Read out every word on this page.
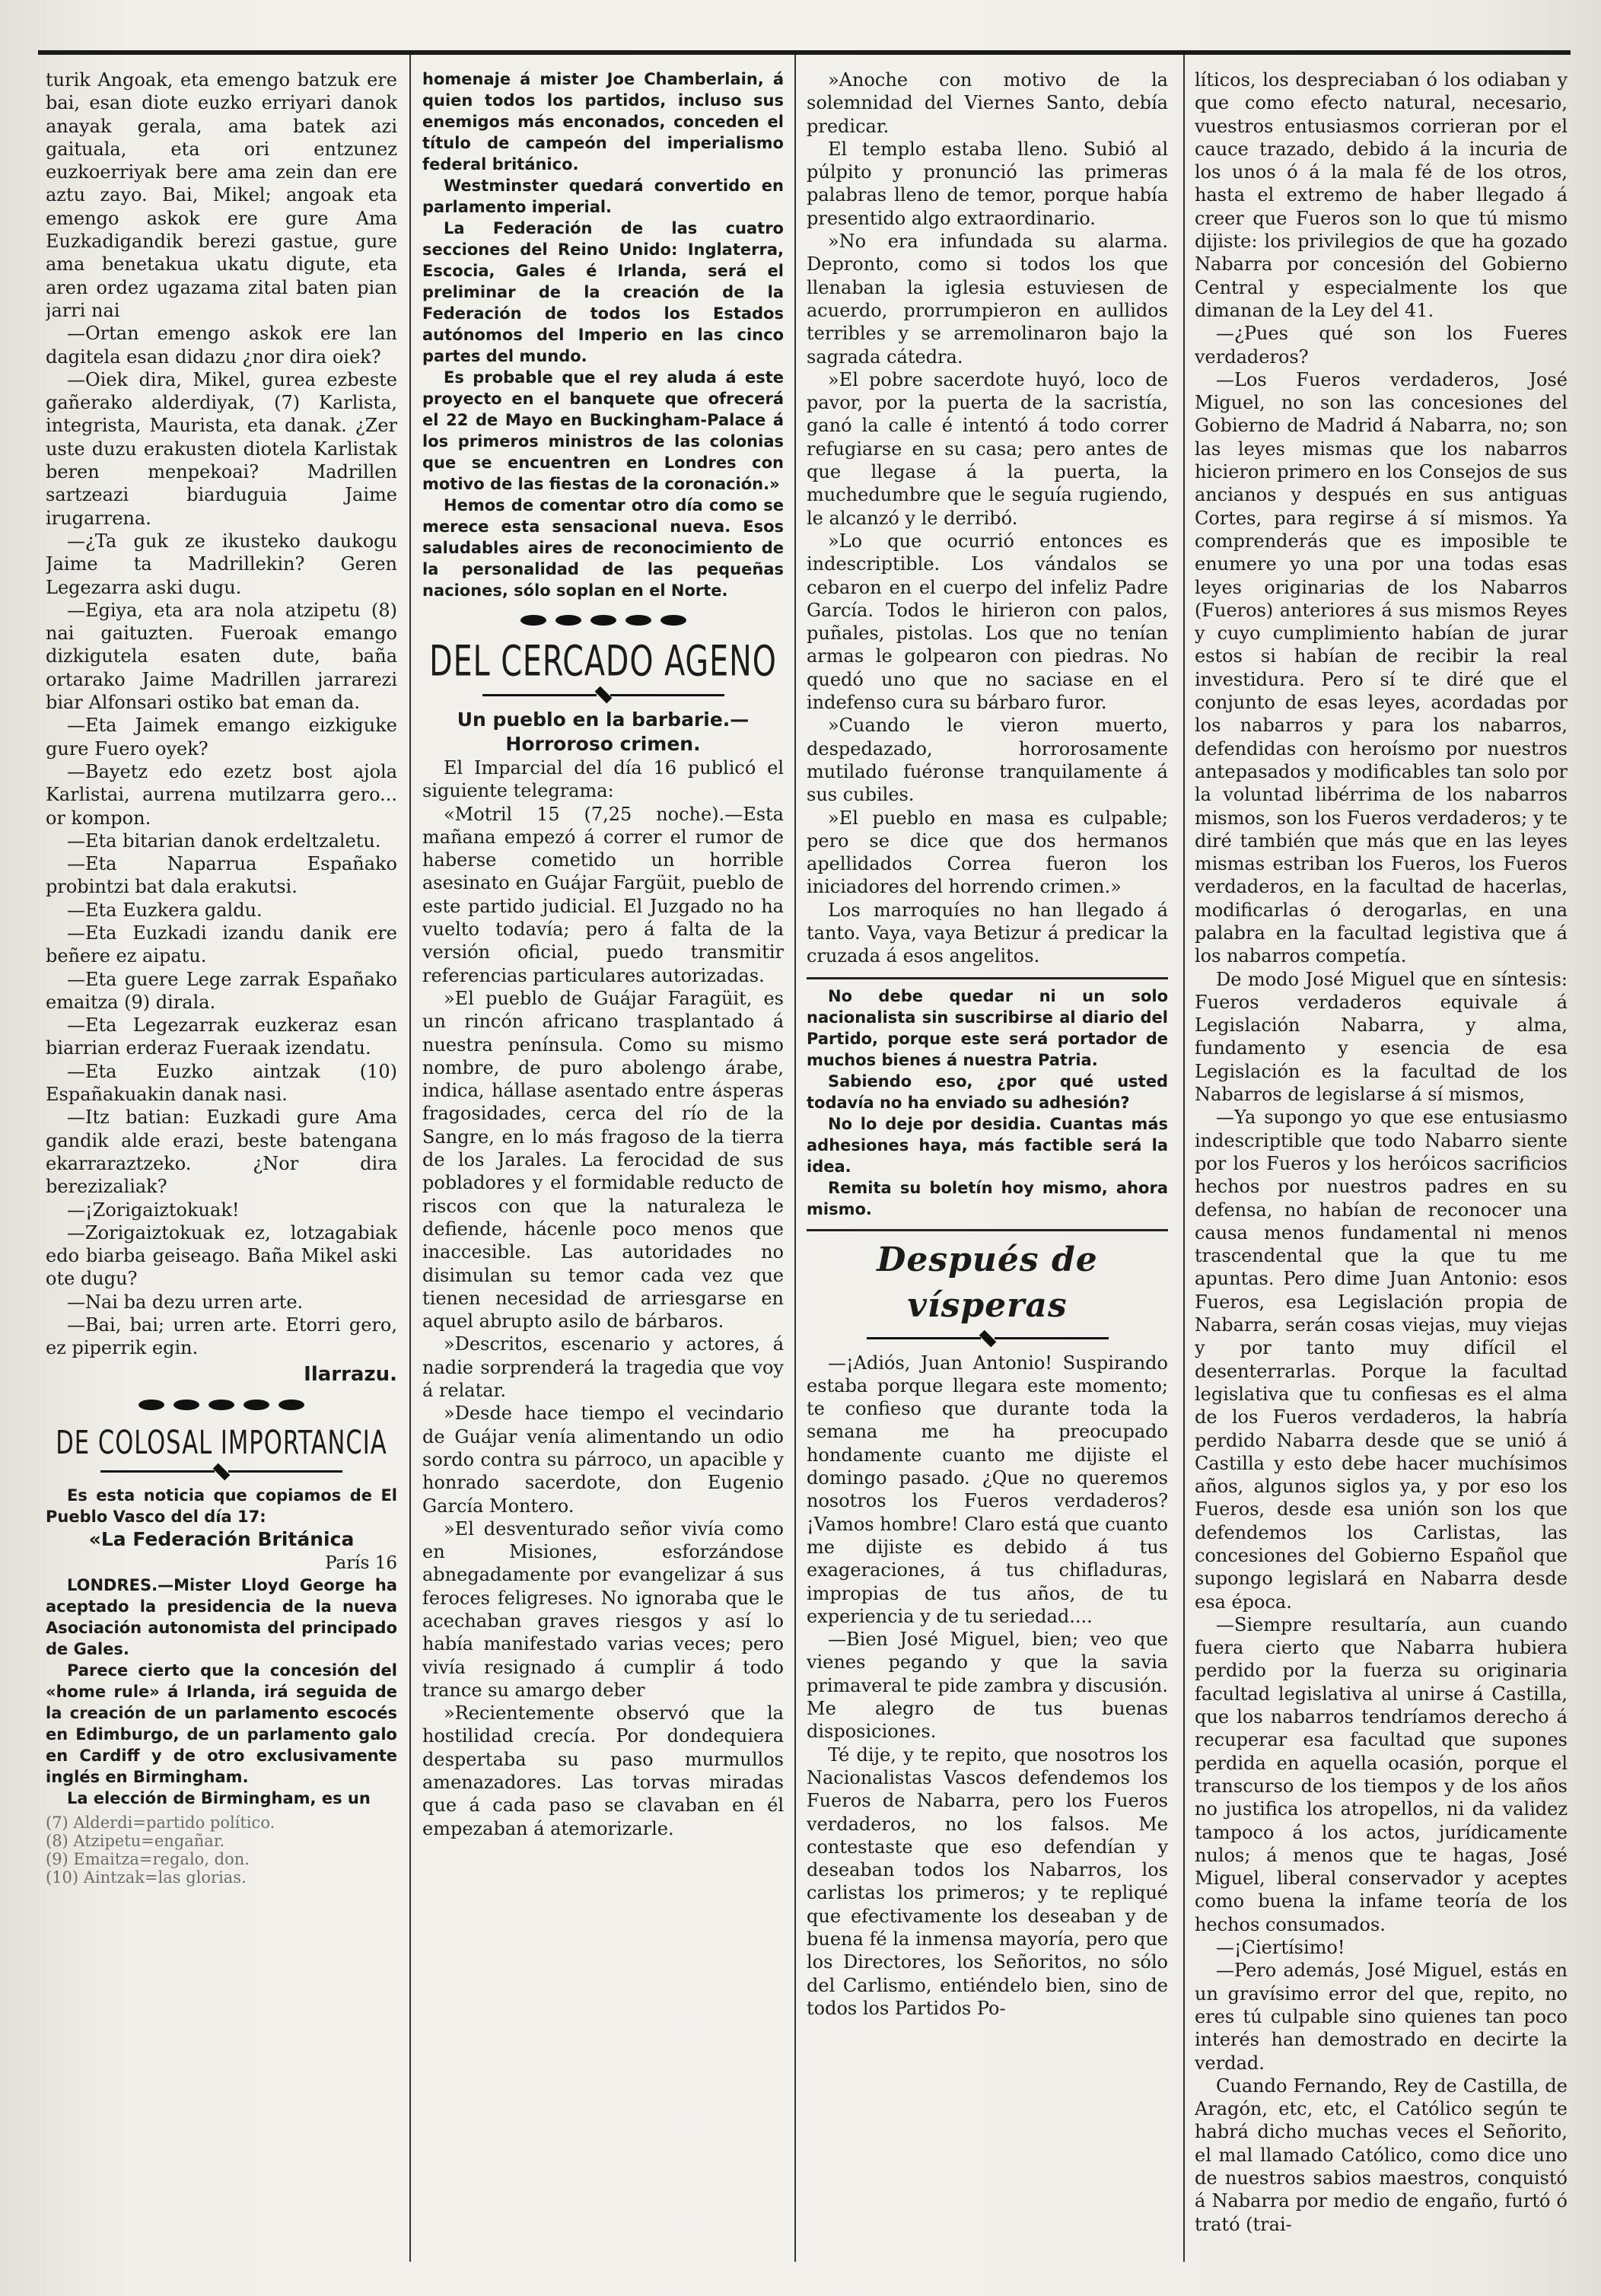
turik Angoak, eta emengo batzuk ere bai, esan diote euzko erriyari danok anayak gerala, ama batek azi gaituala, eta ori entzunez euzkoerriyak bere ama zein dan ere aztu zayo. Bai, Mikel; angoak eta emengo askok ere gure Ama Euzkadigandik berezi gastue, gure ama benetakua ukatu digute, eta aren ordez ugazama zital baten pian jarri nai

—Ortan emengo askok ere lan dagitela esan didazu ¿nor dira oiek?

—Oiek dira, Mikel, gurea ezbeste gañerako alderdiyak, (7) Karlista, integrista, Maurista, eta danak. ¿Zer uste duzu erakusten diotela Karlistak beren menpekoai? Madrillen sartzeazi biarduguia Jaime irugarrena.

—¿Ta guk ze ikusteko daukogu Jaime ta Madrillekin? Geren Legezarra aski dugu.

—Egiya, eta ara nola atzipetu (8) nai gaituzten. Fueroak emango dizkigutela esaten dute, baña ortarako Jaime Madrillen jarrarezi biar Alfonsari ostiko bat eman da.

—Eta Jaimek emango eizkiguke gure Fuero oyek?

—Bayetz edo ezetz bost ajola Karlistai, aurrena mutilzarra gero... or kompon.

—Eta bitarian danok erdeltzaletu.

—Eta Naparrua Españako probintzi bat dala erakutsi.

—Eta Euzkera galdu.

—Eta Euzkadi izandu danik ere beñere ez aipatu.

—Eta guere Lege zarrak Españako emaitza (9) dirala.

—Eta Legezarrak euzkeraz esan biarrian erderaz Fueraak izendatu.

—Eta Euzko aintzak (10) Españakuakin danak nasi.

—Itz batian: Euzkadi gure Ama gandik alde erazi, beste batengana ekarraraztzeko. ¿Nor dira berezizaliak?

—¡Zorigaiztokuak!

—Zorigaiztokuak ez, lotzagabiak edo biarba geiseago. Baña Mikel aski ote dugu?

—Nai ba dezu urren arte.

—Bai, bai; urren arte. Etorri gero, ez piperrik egin.

Ilarrazu.
DE COLOSAL IMPORTANCIA

Es esta noticia que copiamos de El Pueblo Vasco del día 17:

«La Federación Británica
París 16

LONDRES.—Mister Lloyd George ha aceptado la presidencia de la nueva Asociación autonomista del principado de Gales.

Parece cierto que la concesión del «home rule» á Irlanda, irá seguida de la creación de un parlamento escocés en Edimburgo, de un parlamento galo en Cardiff y de otro exclusivamente inglés en Birmingham.

La elección de Birmingham, es un

(7) Alderdi=partido político.

(8) Atzipetu=engañar.

(9) Emaitza=regalo, don.

(10) Aintzak=las glorias.

homenaje á mister Joe Chamberlain, á quien todos los partidos, incluso sus enemigos más enconados, conceden el título de campeón del imperialismo federal británico.

Westminster quedará convertido en parlamento imperial.

La Federación de las cuatro secciones del Reino Unido: Inglaterra, Escocia, Gales é Irlanda, será el preliminar de la creación de la Federación de todos los Estados autónomos del Imperio en las cinco partes del mundo.

Es probable que el rey aluda á este proyecto en el banquete que ofrecerá el 22 de Mayo en Buckingham-Palace á los primeros ministros de las colonias que se encuentren en Londres con motivo de las fiestas de la coronación.»

Hemos de comentar otro día como se merece esta sensacional nueva. Esos saludables aires de reconocimiento de la personalidad de las pequeñas naciones, sólo soplan en el Norte.

DEL CERCADO AGENO
Un pueblo en la barbarie.—Horroroso crimen.

El Imparcial del día 16 publicó el siguiente telegrama:

«Motril 15 (7,25 noche).—Esta mañana empezó á correr el rumor de haberse cometido un horrible asesinato en Guájar Fargüit, pueblo de este partido judicial. El Juzgado no ha vuelto todavía; pero á falta de la versión oficial, puedo transmitir referencias particulares autorizadas.

»El pueblo de Guájar Faragüit, es un rincón africano trasplantado á nuestra península. Como su mismo nombre, de puro abolengo árabe, indica, hállase asentado entre ásperas fragosidades, cerca del río de la Sangre, en lo más fragoso de la tierra de los Jarales. La ferocidad de sus pobladores y el formidable reducto de riscos con que la naturaleza le defiende, hácenle poco menos que inaccesible. Las autoridades no disimulan su temor cada vez que tienen necesidad de arriesgarse en aquel abrupto asilo de bárbaros.

»Descritos, escenario y actores, á nadie sorprenderá la tragedia que voy á relatar.

»Desde hace tiempo el vecindario de Guájar venía alimentando un odio sordo contra su párroco, un apacible y honrado sacerdote, don Eugenio García Montero.

»El desventurado señor vivía como en Misiones, esforzándose abnegadamente por evangelizar á sus feroces feligreses. No ignoraba que le acechaban graves riesgos y así lo había manifestado varias veces; pero vivía resignado á cumplir á todo trance su amargo deber

»Recientemente observó que la hostilidad crecía. Por dondequiera despertaba su paso murmullos amenazadores. Las torvas miradas que á cada paso se clavaban en él empezaban á atemorizarle.

»Anoche con motivo de la solemnidad del Viernes Santo, debía predicar.

El templo estaba lleno. Subió al púlpito y pronunció las primeras palabras lleno de temor, porque había presentido algo extraordinario.

»No era infundada su alarma. Depronto, como si todos los que llenaban la iglesia estuviesen de acuerdo, prorrumpieron en aullidos terribles y se arremolinaron bajo la sagrada cátedra.

»El pobre sacerdote huyó, loco de pavor, por la puerta de la sacristía, ganó la calle é intentó á todo correr refugiarse en su casa; pero antes de que llegase á la puerta, la muchedumbre que le seguía rugiendo, le alcanzó y le derribó.

»Lo que ocurrió entonces es indescriptible. Los vándalos se cebaron en el cuerpo del infeliz Padre García. Todos le hirieron con palos, puñales, pistolas. Los que no tenían armas le golpearon con piedras. No quedó uno que no saciase en el indefenso cura su bárbaro furor.

»Cuando le vieron muerto, despedazado, horrorosamente mutilado fuéronse tranquilamente á sus cubiles.

»El pueblo en masa es culpable; pero se dice que dos hermanos apellidados Correa fueron los iniciadores del horrendo crimen.»

Los marroquíes no han llegado á tanto. Vaya, vaya Betizur á predicar la cruzada á esos angelitos.

No debe quedar ni un solo nacionalista sin suscribirse al diario del Partido, porque este será portador de muchos bienes á nuestra Patria.

Sabiendo eso, ¿por qué usted todavía no ha enviado su adhesión?

No lo deje por desidia. Cuantas más adhesiones haya, más factible será la idea.

Remita su boletín hoy mismo, ahora mismo.

Después de vísperas

—¡Adiós, Juan Antonio! Suspirando estaba porque llegara este momento; te confieso que durante toda la semana me ha preocupado hondamente cuanto me dijiste el domingo pasado. ¿Que no queremos nosotros los Fueros verdaderos? ¡Vamos hombre! Claro está que cuanto me dijiste es debido á tus exageraciones, á tus chifladuras, impropias de tus años, de tu experiencia y de tu seriedad....

—Bien José Miguel, bien; veo que vienes pegando y que la savia primaveral te pide zambra y discusión. Me alegro de tus buenas disposiciones.

Té dije, y te repito, que nosotros los Nacionalistas Vascos defendemos los Fueros de Nabarra, pero los Fueros verdaderos, no los falsos. Me contestaste que eso defendían y deseaban todos los Nabarros, los carlistas los primeros; y te repliqué que efectivamente los deseaban y de buena fé la inmensa mayoría, pero que los Directores, los Señoritos, no sólo del Carlismo, entiéndelo bien, sino de todos los Partidos Po-

líticos, los despreciaban ó los odiaban y que como efecto natural, necesario, vuestros entusiasmos corrieran por el cauce trazado, debido á la incuria de los unos ó á la mala fé de los otros, hasta el extremo de haber llegado á creer que Fueros son lo que tú mismo dijiste: los privilegios de que ha gozado Nabarra por concesión del Gobierno Central y especialmente los que dimanan de la Ley del 41.

—¿Pues qué son los Fueres verdaderos?

—Los Fueros verdaderos, José Miguel, no son las concesiones del Gobierno de Madrid á Nabarra, no; son las leyes mismas que los nabarros hicieron primero en los Consejos de sus ancianos y después en sus antiguas Cortes, para regirse á sí mismos. Ya comprenderás que es imposible te enumere yo una por una todas esas leyes originarias de los Nabarros (Fueros) anteriores á sus mismos Reyes y cuyo cumplimiento habían de jurar estos si habían de recibir la real investidura. Pero sí te diré que el conjunto de esas leyes, acordadas por los nabarros y para los nabarros, defendidas con heroísmo por nuestros antepasados y modificables tan solo por la voluntad libérrima de los nabarros mismos, son los Fueros verdaderos; y te diré también que más que en las leyes mismas estriban los Fueros, los Fueros verdaderos, en la facultad de hacerlas, modificarlas ó derogarlas, en una palabra en la facultad legistiva que á los nabarros competía.

De modo José Miguel que en síntesis: Fueros verdaderos equivale á Legislación Nabarra, y alma, fundamento y esencia de esa Legislación es la facultad de los Nabarros de legislarse á sí mismos,

—Ya supongo yo que ese entusiasmo indescriptible que todo Nabarro siente por los Fueros y los heróicos sacrificios hechos por nuestros padres en su defensa, no habían de reconocer una causa menos fundamental ni menos trascendental que la que tu me apuntas. Pero dime Juan Antonio: esos Fueros, esa Legislación propia de Nabarra, serán cosas viejas, muy viejas y por tanto muy difícil el desenterrarlas. Porque la facultad legislativa que tu confiesas es el alma de los Fueros verdaderos, la habría perdido Nabarra desde que se unió á Castilla y esto debe hacer muchísimos años, algunos siglos ya, y por eso los Fueros, desde esa unión son los que defendemos los Carlistas, las concesiones del Gobierno Español que supongo legislará en Nabarra desde esa época.

—Siempre resultaría, aun cuando fuera cierto que Nabarra hubiera perdido por la fuerza su originaria facultad legislativa al unirse á Castilla, que los nabarros tendríamos derecho á recuperar esa facultad que supones perdida en aquella ocasión, porque el transcurso de los tiempos y de los años no justifica los atropellos, ni da validez tampoco á los actos, jurídicamente nulos; á menos que te hagas, José Miguel, liberal conservador y aceptes como buena la infame teoría de los hechos consumados.

—¡Ciertísimo!

—Pero además, José Miguel, estás en un gravísimo error del que, repito, no eres tú culpable sino quienes tan poco interés han demostrado en decirte la verdad.

Cuando Fernando, Rey de Castilla, de Aragón, etc, etc, el Católico según te habrá dicho muchas veces el Señorito, el mal llamado Católico, como dice uno de nuestros sabios maestros, conquistó á Nabarra por medio de engaño, furtó ó trató (trai-
